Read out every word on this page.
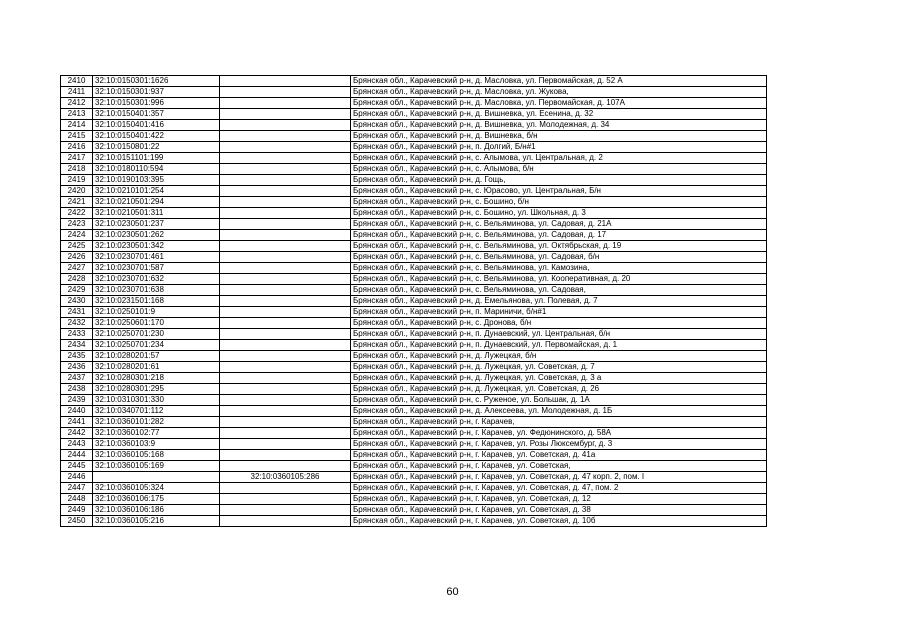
2410	32:10:0150301:1626		Брянская обл., Карачевский р-н, д. Масловка, ул. Первомайская, д. 52 А
2411	32:10:0150301:937		Брянская обл., Карачевский р-н, д. Масловка, ул. Жукова,
2412	32:10:0150301:996		Брянская обл., Карачевский р-н, д. Масловка, ул. Первомайская, д. 107А
2413	32:10:0150401:357		Брянская обл., Карачевский р-н, д. Вишневка, ул. Есенина, д. 32
2414	32:10:0150401:416		Брянская обл., Карачевский р-н, д. Вишневка, ул. Молодежная, д. 34
2415	32:10:0150401:422		Брянская обл., Карачевский р-н, д. Вишневка, б/н
2416	32:10:0150801:22		Брянская обл., Карачевский р-н, п. Долгий, Б/н#1
2417	32:10:0151101:199		Брянская обл., Карачевский р-н, с. Алымова, ул. Центральная, д. 2
2418	32:10:0180110:594		Брянская обл., Карачевский р-н, с. Алымова, б/н
2419	32:10:0190103:395		Брянская обл., Карачевский р-н, д. Гощь,
2420	32:10:0210101:254		Брянская обл., Карачевский р-н, с. Юрасово, ул. Центральная, Б/н
2421	32:10:0210501:294		Брянская обл., Карачевский р-н, с. Бошино, б/н
2422	32:10:0210501:311		Брянская обл., Карачевский р-н, с. Бошино, ул. Школьная, д. 3
2423	32:10:0230501:237		Брянская обл., Карачевский р-н, с. Вельяминова, ул. Садовая, д. 21А
2424	32:10:0230501:262		Брянская обл., Карачевский р-н, с. Вельяминова, ул. Садовая, д. 17
2425	32:10:0230501:342		Брянская обл., Карачевский р-н, с. Вельяминова, ул. Октябрьская, д. 19
2426	32:10:0230701:461		Брянская обл., Карачевский р-н, с. Вельяминова, ул. Садовая, б/н
2427	32:10:0230701:587		Брянская обл., Карачевский р-н, с. Вельяминова, ул. Камозина,
2428	32:10:0230701:632		Брянская обл., Карачевский р-н, с. Вельяминова, ул. Кооперативная, д. 20
2429	32:10:0230701:638		Брянская обл., Карачевский р-н, с. Вельяминова, ул. Садовая,
2430	32:10:0231501:168		Брянская обл., Карачевский р-н, д. Емельянова, ул. Полевая, д. 7
2431	32:10:0250101:9		Брянская обл., Карачевский р-н, п. Мариничи, б/н#1
2432	32:10:0250601:170		Брянская обл., Карачевский р-н, с. Дронова, б/н
2433	32:10:0250701:230		Брянская обл., Карачевский р-н, п. Дунаевский, ул. Центральная, б/н
2434	32:10:0250701:234		Брянская обл., Карачевский р-н, п. Дунаевский, ул. Первомайская, д. 1
2435	32:10:0280201:57		Брянская обл., Карачевский р-н, д. Лужецкая, б/н
2436	32:10:0280201:61		Брянская обл., Карачевский р-н, д. Лужецкая, ул. Советская, д. 7
2437	32:10:0280301:218		Брянская обл., Карачевский р-н, д. Лужецкая, ул. Советская, д. 3 а
2438	32:10:0280301:295		Брянская обл., Карачевский р-н, д. Лужецкая, ул. Советская, д. 26
2439	32:10:0310301:330		Брянская обл., Карачевский р-н, с. Руженое, ул. Большак, д. 1А
2440	32:10:0340701:112		Брянская обл., Карачевский р-н, д. Алексеева, ул. Молодежная, д. 1Б
2441	32:10:0360101:282		Брянская обл., Карачевский р-н, г. Карачев,
2442	32:10:0360102:77		Брянская обл., Карачевский р-н, г. Карачев, ул. Федюнинского, д. 58А
2443	32:10:0360103:9		Брянская обл., Карачевский р-н, г. Карачев, ул. Розы Люксембург, д. 3
2444	32:10:0360105:168		Брянская обл., Карачевский р-н, г. Карачев, ул. Советская, д. 41а
2445	32:10:0360105:169		Брянская обл., Карачевский р-н, г. Карачев, ул. Советская,
2446		32:10:0360105:286	Брянская обл., Карачевский р-н, г. Карачев, ул. Советская, д. 47 корп. 2, пом. I
2447	32:10:0360105:324		Брянская обл., Карачевский р-н, г. Карачев, ул. Советская, д. 47, пом. 2
2448	32:10:0360106:175		Брянская обл., Карачевский р-н, г. Карачев, ул. Советская, д. 12
2449	32:10:0360106:186		Брянская обл., Карачевский р-н, г. Карачев, ул. Советская, д. 38
2450	32:10:0360105:216		Брянская обл., Карачевский р-н, г. Карачев, ул. Советская, д. 10б
60
